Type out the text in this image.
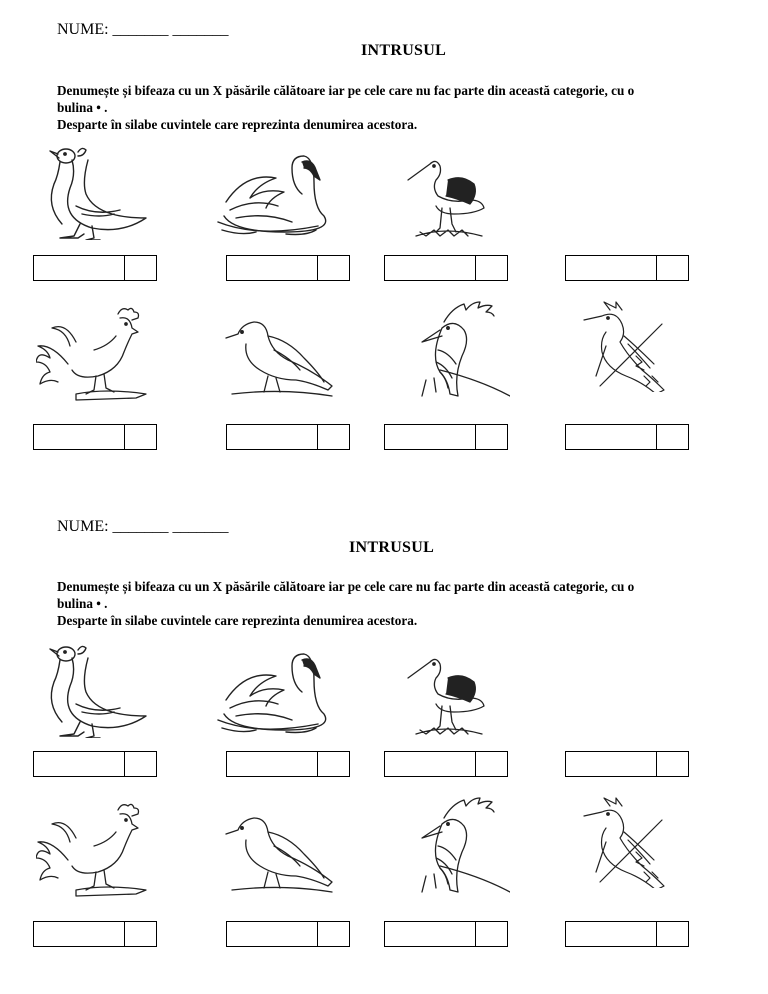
NUME: _______ _______
INTRUSUL
Denumește și bifeaza cu un X păsările călătoare iar pe cele care nu fac parte din această categorie, cu o
bulina • .
Desparte în silabe cuvintele care reprezinta denumirea acestora.
NUME: _______ _______
INTRUSUL
Denumește și bifeaza cu un X păsările călătoare iar pe cele care nu fac parte din această categorie, cu o
bulina • .
Desparte în silabe cuvintele care reprezinta denumirea acestora.
